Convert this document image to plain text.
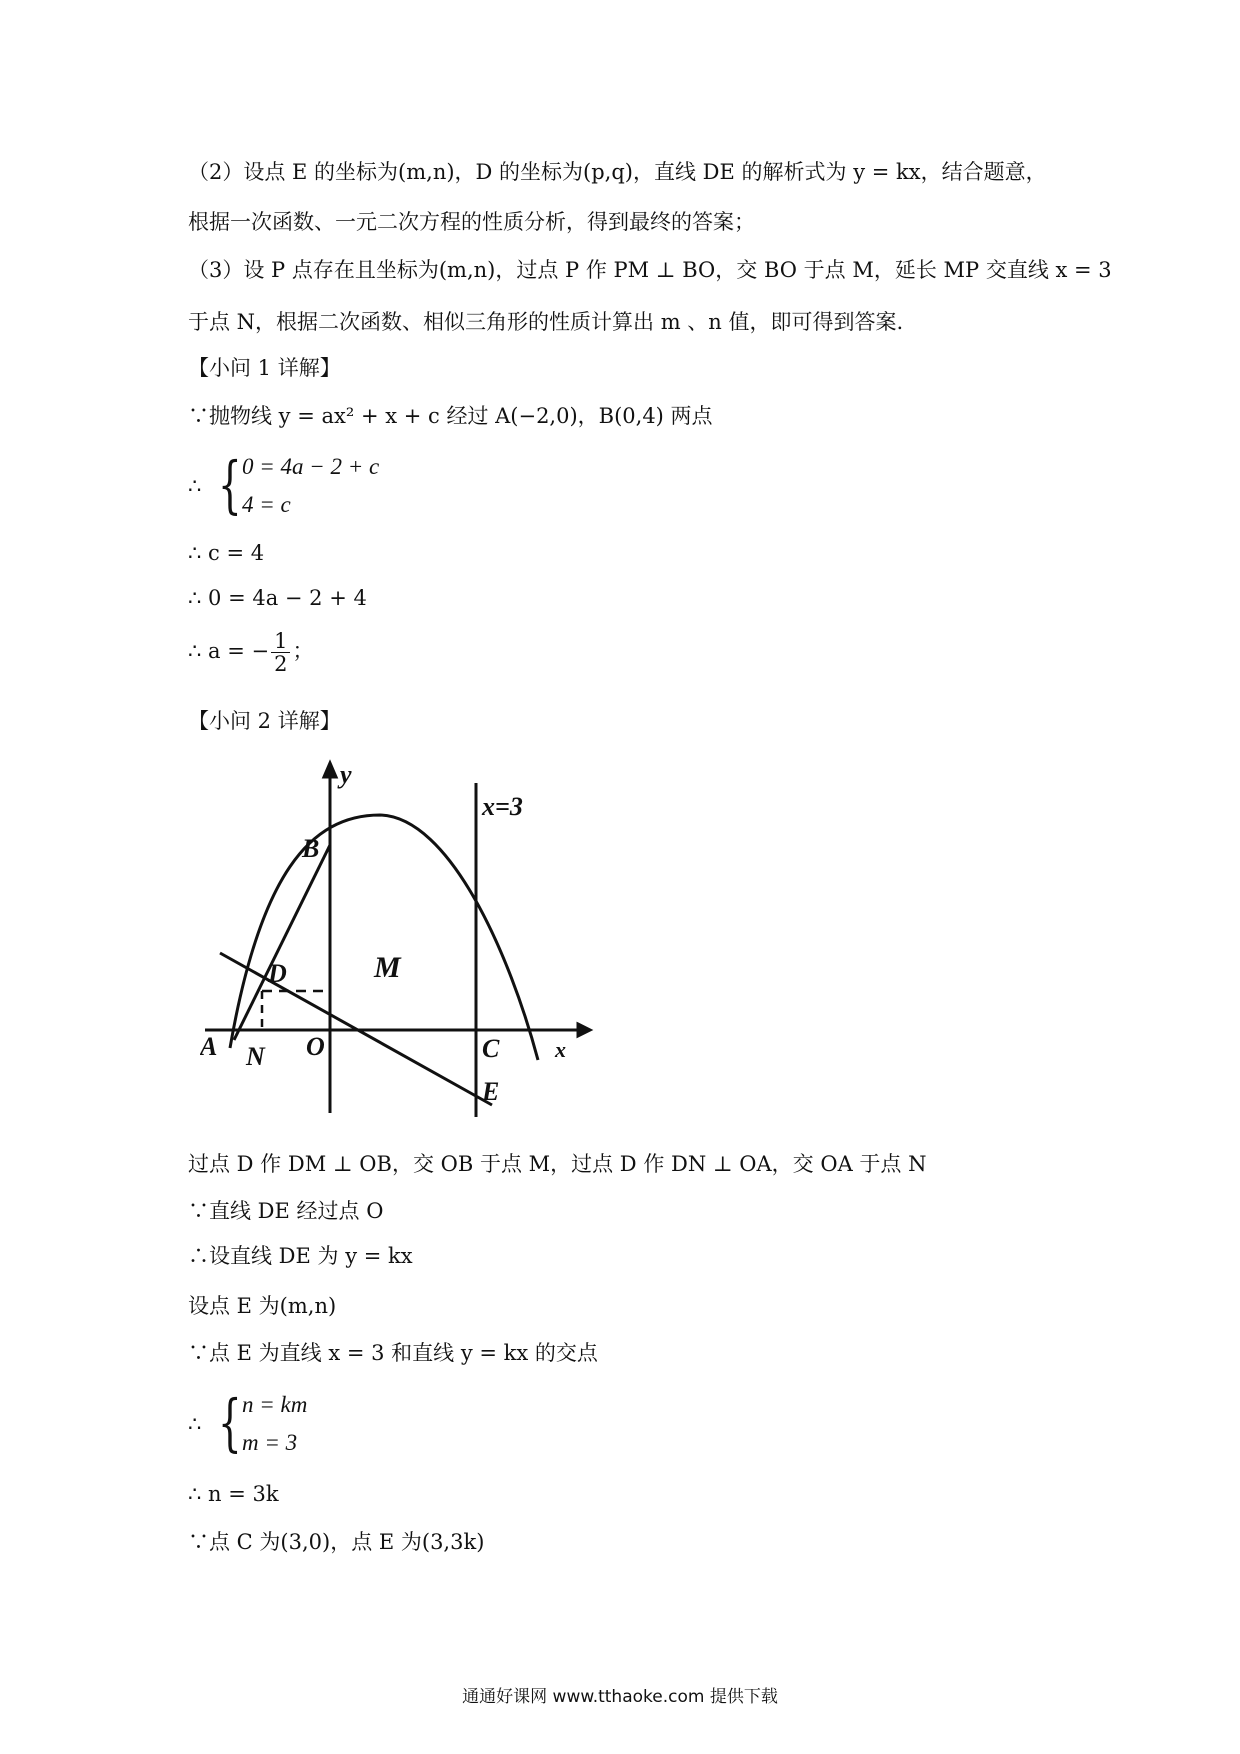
（2）设点 E 的坐标为(m,n)，D 的坐标为(p,q)，直线 DE 的解析式为 y = kx，结合题意，
根据一次函数、一元二次方程的性质分析，得到最终的答案；
（3）设 P 点存在且坐标为(m,n)，过点 P 作 PM ⊥ BO，交 BO 于点 M，延长 MP 交直线 x = 3
于点 N，根据二次函数、相似三角形的性质计算出 m 、n 值，即可得到答案.
【小问 1 详解】
∵抛物线 y = ax² + x + c 经过 A(−2,0)，B(0,4) 两点
∴ { 0 = 4a − 2 + c
4 = c
∴ c = 4
∴ 0 = 4a − 2 + 4
∴ a = − $\frac{1}{2}$ ；
【小问 2 详解】
y
x=3
B
D	M
A N O	C	x
E
过点 D 作 DM ⊥ OB，交 OB 于点 M，过点 D 作 DN ⊥ OA，交 OA 于点 N
∵直线 DE 经过点 O
∴设直线 DE 为 y = kx
设点 E 为(m,n)
∵点 E 为直线 x = 3 和直线 y = kx 的交点
∴ { n = km
m = 3
∴ n = 3k
∵点 C 为(3,0)，点 E 为(3,3k)
通通好课网 www.tthaoke.com 提供下载
